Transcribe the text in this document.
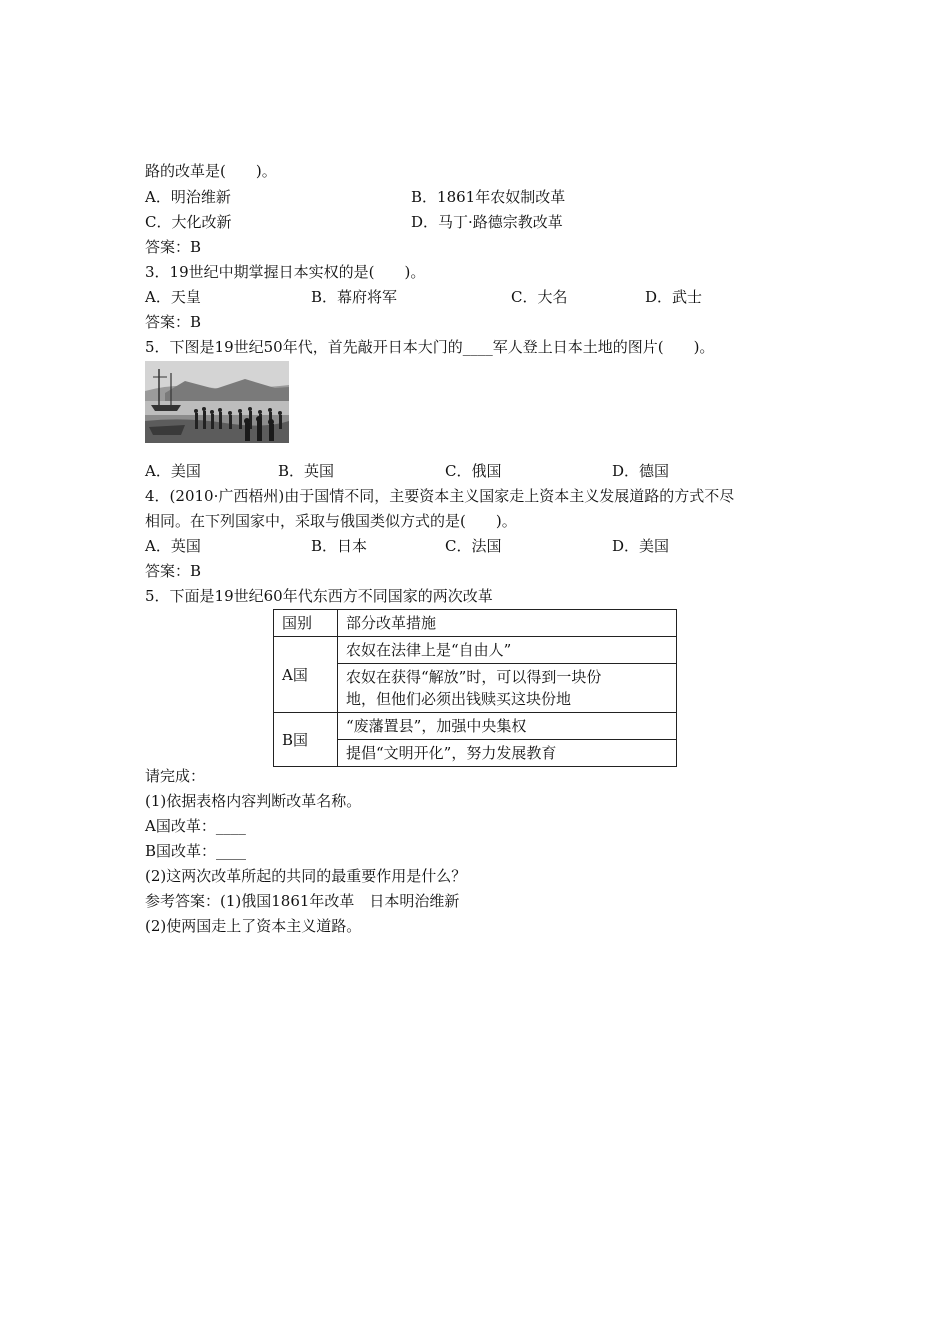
路的改革是(　　)。
A．明治维新	B．1861年农奴制改革
C．大化改新	D．马丁·路德宗教改革
答案：B
3．19世纪中期掌握日本实权的是(　　)。
A．天皇	B．幕府将军	C．大名	D．武士
答案：B
5．下图是19世纪50年代，首先敲开日本大门的____军人登上日本土地的图片(　　)。
A．美国	B．英国	C．俄国	D．德国
4．(2010·广西梧州)由于国情不同，主要资本主义国家走上资本主义发展道路的方式不尽
相同。在下列国家中，采取与俄国类似方式的是(　　)。
A．英国	B．日本	C．法国	D．美国
答案：B
5．下面是19世纪60年代东西方不同国家的两次改革
国别	部分改革措施
A国	农奴在法律上是“自由人”

	农奴在获得“解放”时，可以得到一块份
地，但他们必须出钱赎买这块份地

B国	“废藩置县”，加强中央集权
	提倡“文明开化”，努力发展教育
请完成：
(1)依据表格内容判断改革名称。
A国改革：____
B国改革：____
(2)这两次改革所起的共同的最重要作用是什么？
参考答案：(1)俄国1861年改革　日本明治维新
(2)使两国走上了资本主义道路。
